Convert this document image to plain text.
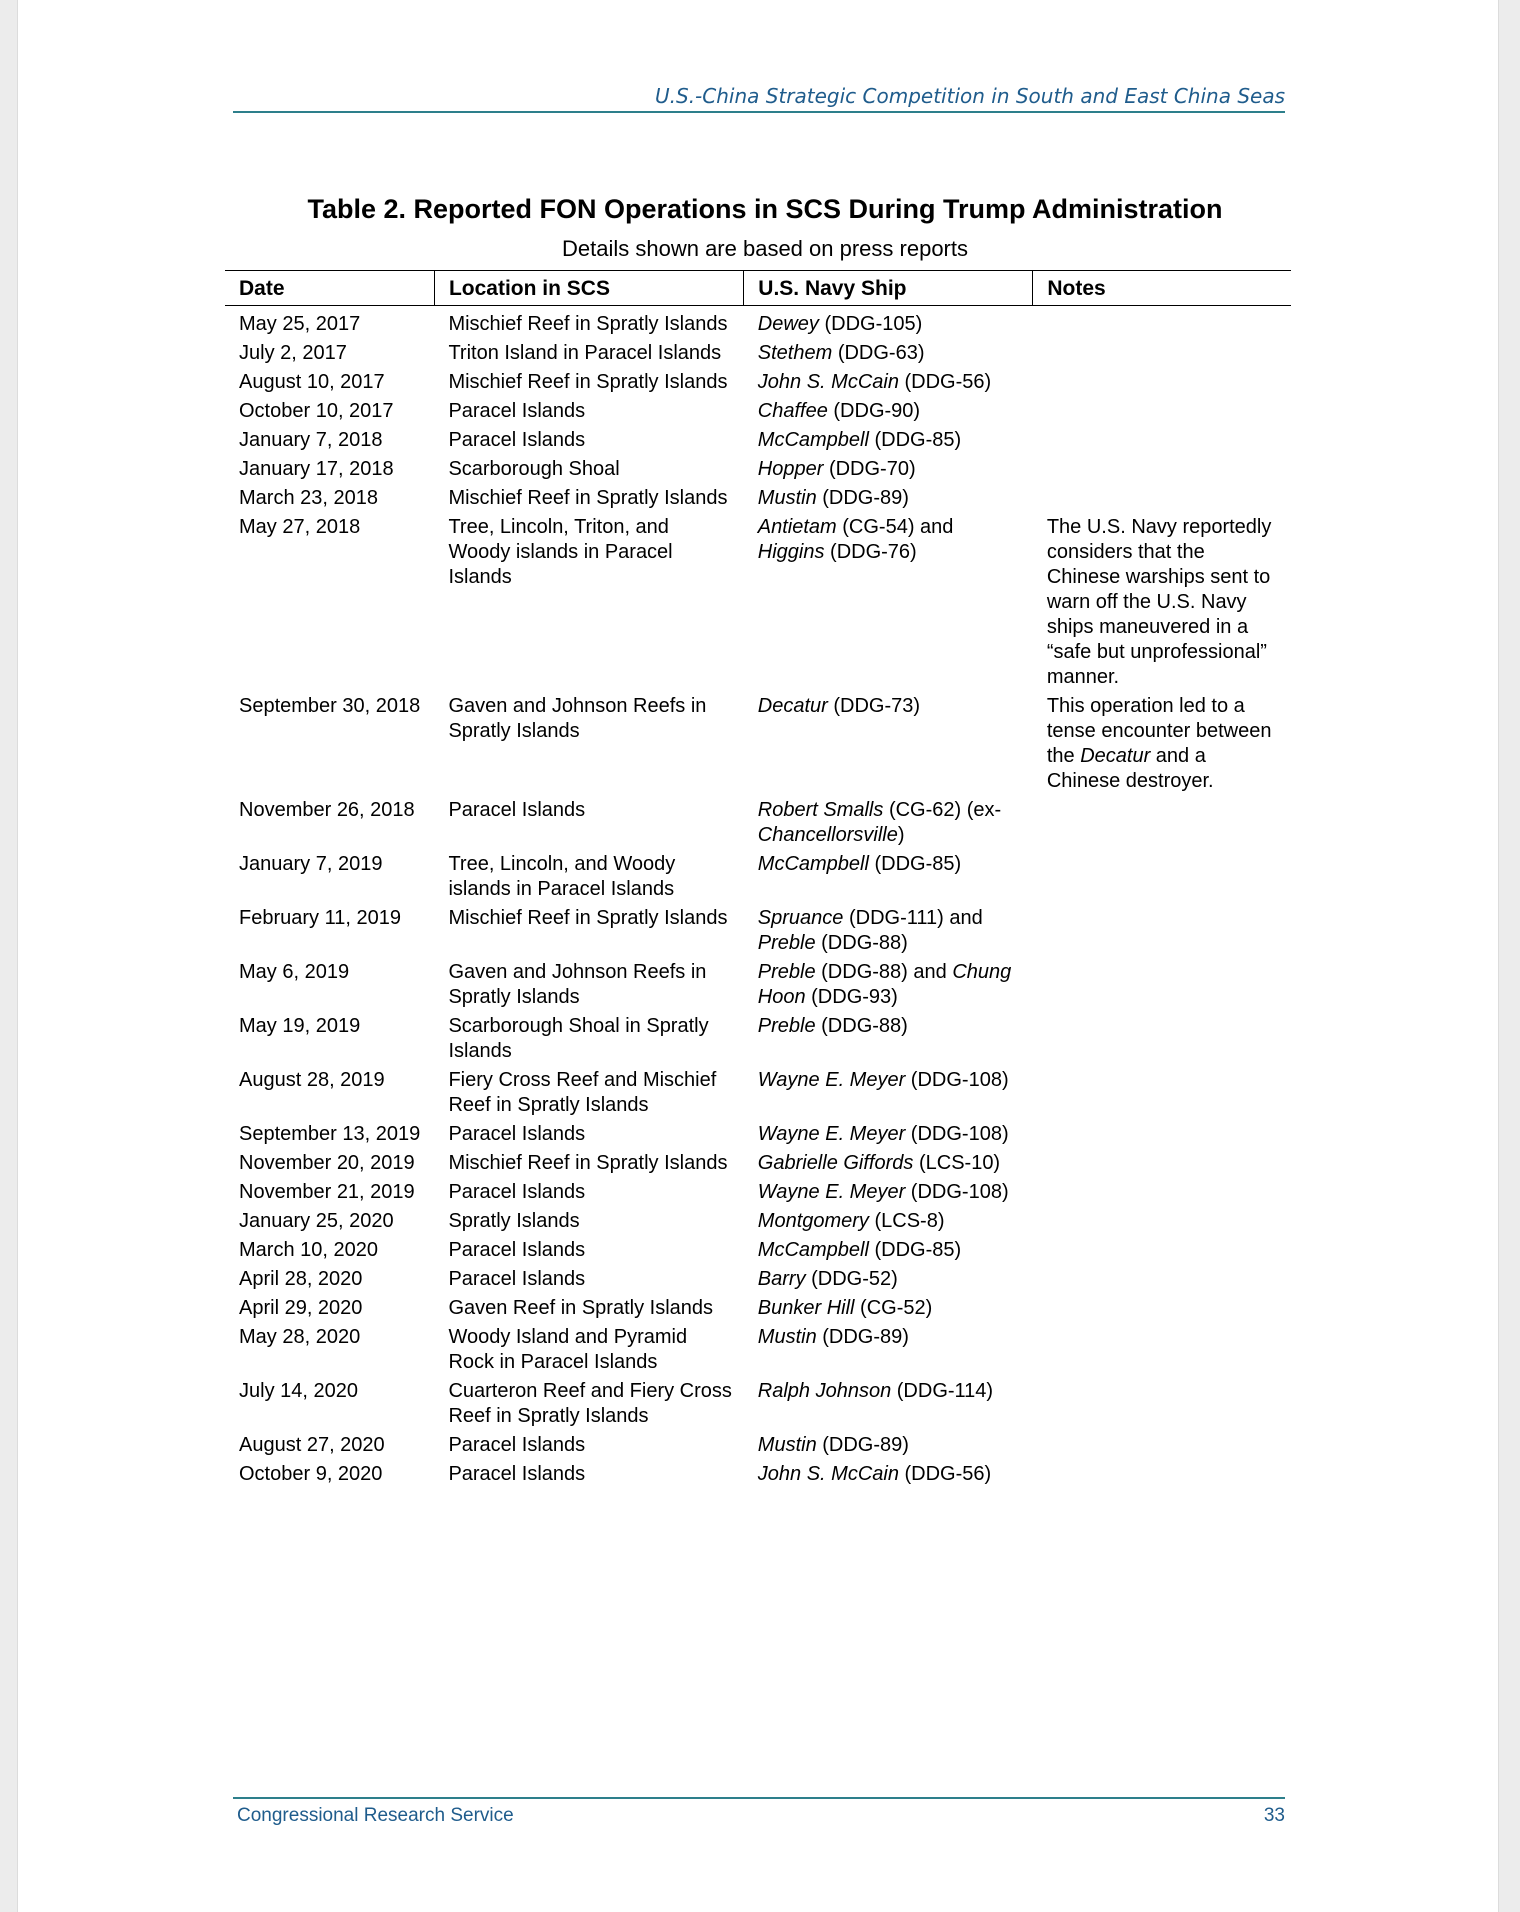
U.S.-China Strategic Competition in South and East China Seas
Table 2. Reported FON Operations in SCS During Trump Administration
Details shown are based on press reports
Date	Location in SCS	U.S. Navy Ship	Notes
May 25, 2017	Mischief Reef in Spratly Islands	Dewey (DDG-105)	
July 2, 2017	Triton Island in Paracel Islands	Stethem (DDG-63)	
August 10, 2017	Mischief Reef in Spratly Islands	John S. McCain (DDG-56)	
October 10, 2017	Paracel Islands	Chaffee (DDG-90)	
January 7, 2018	Paracel Islands	McCampbell (DDG-85)	
January 17, 2018	Scarborough Shoal	Hopper (DDG-70)	
March 23, 2018	Mischief Reef in Spratly Islands	Mustin (DDG-89)	
May 27, 2018	Tree, Lincoln, Triton, and Woody islands in Paracel Islands	Antietam (CG-54) and Higgins (DDG-76)	The U.S. Navy reportedly considers that the Chinese warships sent to warn off the U.S. Navy ships maneuvered in a “safe but unprofessional” manner.
September 30, 2018	Gaven and Johnson Reefs in Spratly Islands	Decatur (DDG-73)	This operation led to a tense encounter between the Decatur and a Chinese destroyer.
November 26, 2018	Paracel Islands	Robert Smalls (CG-62) (ex-Chancellorsville)	
January 7, 2019	Tree, Lincoln, and Woody islands in Paracel Islands	McCampbell (DDG-85)	
February 11, 2019	Mischief Reef in Spratly Islands	Spruance (DDG-111) and Preble (DDG-88)	
May 6, 2019	Gaven and Johnson Reefs in Spratly Islands	Preble (DDG-88) and Chung Hoon (DDG-93)	
May 19, 2019	Scarborough Shoal in Spratly Islands	Preble (DDG-88)	
August 28, 2019	Fiery Cross Reef and Mischief Reef in Spratly Islands	Wayne E. Meyer (DDG-108)	
September 13, 2019	Paracel Islands	Wayne E. Meyer (DDG-108)	
November 20, 2019	Mischief Reef in Spratly Islands	Gabrielle Giffords (LCS-10)	
November 21, 2019	Paracel Islands	Wayne E. Meyer (DDG-108)	
January 25, 2020	Spratly Islands	Montgomery (LCS-8)	
March 10, 2020	Paracel Islands	McCampbell (DDG-85)	
April 28, 2020	Paracel Islands	Barry (DDG-52)	
April 29, 2020	Gaven Reef in Spratly Islands	Bunker Hill (CG-52)	
May 28, 2020	Woody Island and Pyramid Rock in Paracel Islands	Mustin (DDG-89)	
July 14, 2020	Cuarteron Reef and Fiery Cross Reef in Spratly Islands	Ralph Johnson (DDG-114)	
August 27, 2020	Paracel Islands	Mustin (DDG-89)	
October 9, 2020	Paracel Islands	John S. McCain (DDG-56)	
Congressional Research Service	33
